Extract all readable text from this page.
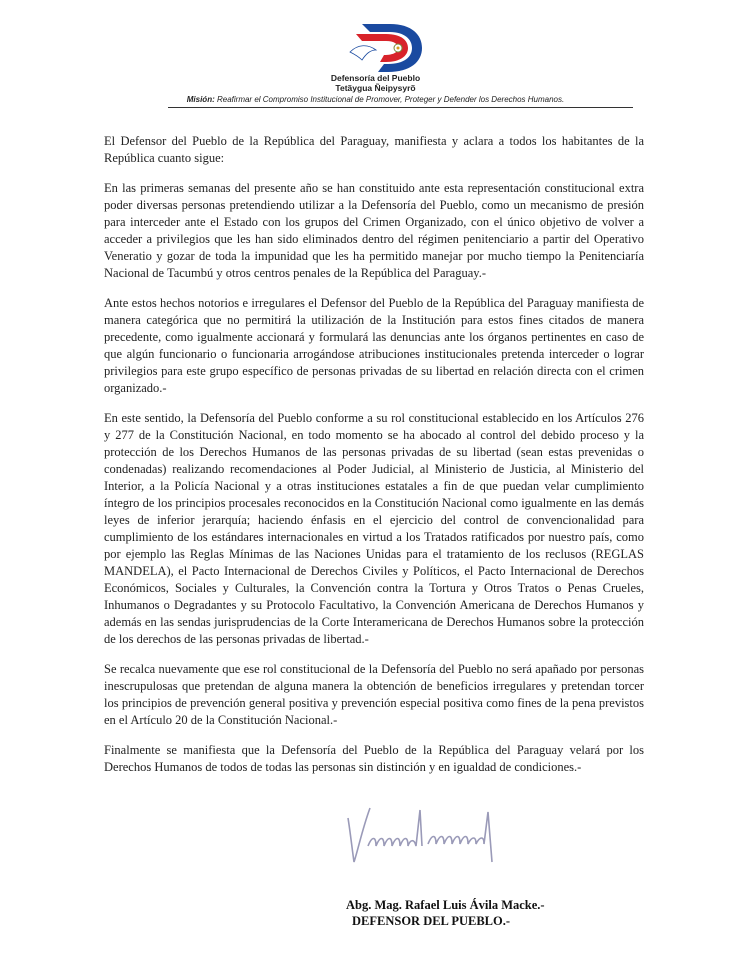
Defensoría del Pueblo
Tetãygua Ñeipysyrõ
Misión: Reafirmar el Compromiso Institucional de Promover, Proteger y Defender los Derechos Humanos.

El Defensor del Pueblo de la República del Paraguay, manifiesta y aclara a todos los habitantes de la República cuanto sigue:

En las primeras semanas del presente año se han constituido ante esta representación constitucional extra poder diversas personas pretendiendo utilizar a la Defensoría del Pueblo, como un mecanismo de presión para interceder ante el Estado con los grupos del Crimen Organizado, con el único objetivo de volver a acceder a privilegios que les han sido eliminados dentro del régimen penitenciario a partir del Operativo Veneratio y gozar de toda la impunidad que les ha permitido manejar por mucho tiempo la Penitenciaría Nacional de Tacumbú y otros centros penales de la República del Paraguay.-

Ante estos hechos notorios e irregulares el Defensor del Pueblo de la República del Paraguay manifiesta de manera categórica que no permitirá la utilización de la Institución para estos fines citados de manera precedente, como igualmente accionará y formulará las denuncias ante los órganos pertinentes en caso de que algún funcionario o funcionaria arrogándose atribuciones institucionales pretenda interceder o lograr privilegios para este grupo específico de personas privadas de su libertad en relación directa con el crimen organizado.-

En este sentido, la Defensoría del Pueblo conforme a su rol constitucional establecido en los Artículos 276 y 277 de la Constitución Nacional, en todo momento se ha abocado al control del debido proceso y la protección de los Derechos Humanos de las personas privadas de su libertad (sean estas prevenidas o condenadas) realizando recomendaciones al Poder Judicial, al Ministerio de Justicia, al Ministerio del Interior, a la Policía Nacional y a otras instituciones estatales a fin de que puedan velar cumplimiento íntegro de los principios procesales reconocidos en la Constitución Nacional como igualmente en las demás leyes de inferior jerarquía; haciendo énfasis en el ejercicio del control de convencionalidad para cumplimiento de los estándares internacionales en virtud a los Tratados ratificados por nuestro país, como por ejemplo las Reglas Mínimas de las Naciones Unidas para el tratamiento de los reclusos (REGLAS MANDELA), el Pacto Internacional de Derechos Civiles y Políticos, el Pacto Internacional de Derechos Económicos, Sociales y Culturales, la Convención contra la Tortura y Otros Tratos o Penas Crueles, Inhumanos o Degradantes y su Protocolo Facultativo, la Convención Americana de Derechos Humanos y además en las sendas jurisprudencias de la Corte Interamericana de Derechos Humanos sobre la protección de los derechos de las personas privadas de libertad.-

Se recalca nuevamente que ese rol constitucional de la Defensoría del Pueblo no será apañado por personas inescrupulosas que pretendan de alguna manera la obtención de beneficios irregulares y pretendan torcer los principios de prevención general positiva y prevención especial positiva como fines de la pena previstos en el Artículo 20 de la Constitución Nacional.-

Finalmente se manifiesta que la Defensoría del Pueblo de la República del Paraguay velará por los Derechos Humanos de todos de todas las personas sin distinción y en igualdad de condiciones.-

Abg. Mag. Rafael Luis Ávila Macke.-
DEFENSOR DEL PUEBLO.-
